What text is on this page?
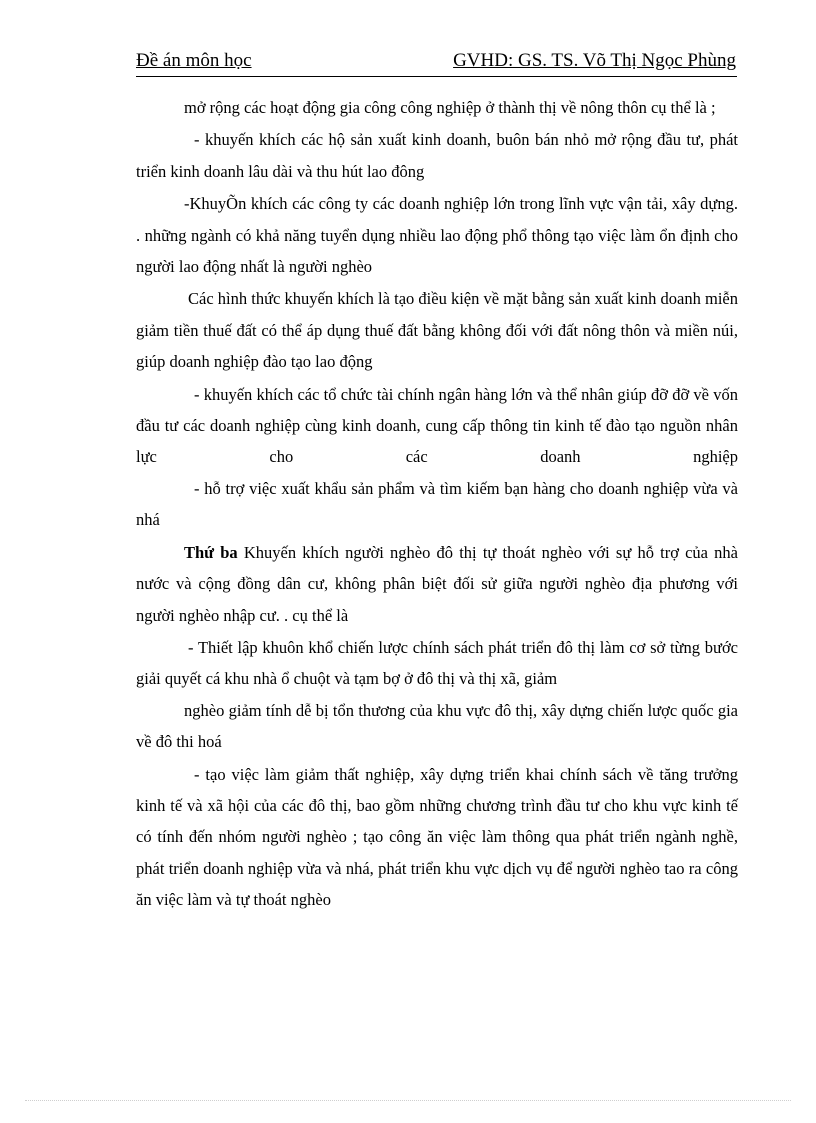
Đề án môn học	GVHD: GS. TS. Võ Thị Ngọc Phùng

mở rộng các hoạt động gia công công nghiệp ở thành thị về nông thôn cụ thể là ;

- khuyến khích các hộ sản xuất kinh doanh, buôn bán nhỏ mở rộng đầu tư, phát triển kinh doanh lâu dài và thu hút lao đông

-KhuyÕn khích các công ty các doanh nghiệp lớn trong lĩnh vực vận tải, xây dựng. . những ngành có khả năng tuyển dụng nhiều lao động phổ thông tạo việc làm ổn định cho người lao động nhất là người nghèo

Các hình thức khuyến khích là tạo điều kiện về mặt bằng sản xuất kinh doanh miễn giảm tiền thuế đất có thể áp dụng thuế đất bằng không đối với đất nông thôn và miền núi, giúp doanh nghiệp đào tạo lao động

- khuyến khích các tổ chức tài chính ngân hàng lớn và thể nhân giúp đỡ đỡ về vốn đầu tư các doanh nghiệp cùng kinh doanh, cung cấp thông tin kinh tế đào tạo nguồn nhân lực cho các doanh nghiệp

- hỗ trợ việc xuất khẩu sản phẩm và tìm kiếm bạn hàng cho doanh nghiệp vừa và nhá

Thứ ba Khuyến khích người nghèo đô thị tự thoát nghèo với sự hỗ trợ của nhà nước và cộng đồng dân cư, không phân biệt đối sử giữa người nghèo địa phương với người nghèo nhập cư. . cụ thể là

- Thiết lập khuôn khổ chiến lược chính sách phát triển đô thị làm cơ sở từng bước giải quyết cá khu nhà ổ chuột và tạm bợ ở đô thị và thị xã, giảm

nghèo giảm tính dễ bị tổn thương của khu vực đô thị, xây dựng chiến lược quốc gia về đô thi hoá

- tạo việc làm giảm thất nghiệp, xây dựng triển khai chính sách về tăng trưởng kinh tế và xã hội của các đô thị, bao gồm những chương trình đầu tư cho khu vực kinh tế có tính đến nhóm người nghèo ; tạo công ăn việc làm thông qua phát triển ngành nghề, phát triển doanh nghiệp vừa và nhá, phát triển khu vực dịch vụ để người nghèo tao ra công ăn việc làm và tự thoát nghèo
